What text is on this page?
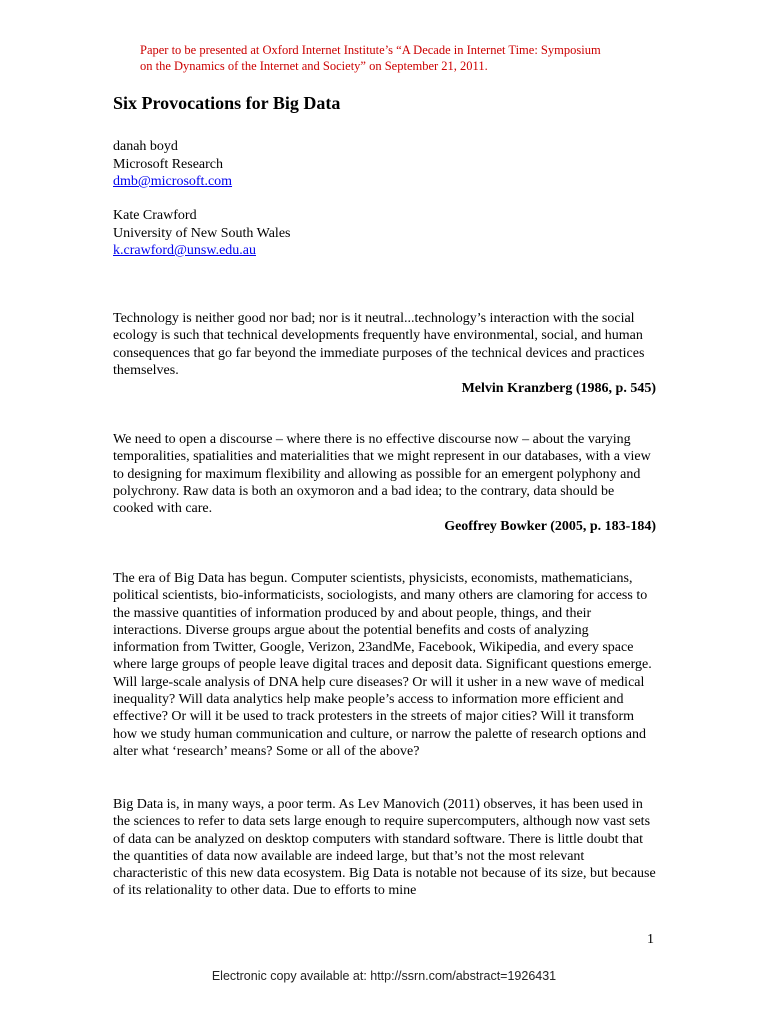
Paper to be presented at Oxford Internet Institute’s “A Decade in Internet Time: Symposium
on the Dynamics of the Internet and Society” on September 21, 2011.
Six Provocations for Big Data
danah boyd
Microsoft Research
dmb@microsoft.com
Kate Crawford
University of New South Wales
k.crawford@unsw.edu.au

Technology is neither good nor bad; nor is it neutral...technology’s interaction with the social ecology is such that technical developments frequently have environmental, social, and human consequences that go far beyond the immediate purposes of the technical devices and practices themselves.

Melvin Kranzberg (1986, p. 545)

We need to open a discourse – where there is no effective discourse now – about the varying temporalities, spatialities and materialities that we might represent in our databases, with a view to designing for maximum flexibility and allowing as possible for an emergent polyphony and polychrony. Raw data is both an oxymoron and a bad idea; to the contrary, data should be cooked with care.

Geoffrey Bowker (2005, p. 183-184)

The era of Big Data has begun. Computer scientists, physicists, economists, mathematicians, political scientists, bio-informaticists, sociologists, and many others are clamoring for access to the massive quantities of information produced by and about people, things, and their interactions. Diverse groups argue about the potential benefits and costs of analyzing information from Twitter, Google, Verizon, 23andMe, Facebook, Wikipedia, and every space where large groups of people leave digital traces and deposit data. Significant questions emerge. Will large-scale analysis of DNA help cure diseases? Or will it usher in a new wave of medical inequality? Will data analytics help make people’s access to information more efficient and effective? Or will it be used to track protesters in the streets of major cities? Will it transform how we study human communication and culture, or narrow the palette of research options and alter what ‘research’ means? Some or all of the above?

Big Data is, in many ways, a poor term. As Lev Manovich (2011) observes, it has been used in the sciences to refer to data sets large enough to require supercomputers, although now vast sets of data can be analyzed on desktop computers with standard software. There is little doubt that the quantities of data now available are indeed large, but that’s not the most relevant characteristic of this new data ecosystem. Big Data is notable not because of its size, but because of its relationality to other data. Due to efforts to mine

1
Electronic copy available at: http://ssrn.com/abstract=1926431
